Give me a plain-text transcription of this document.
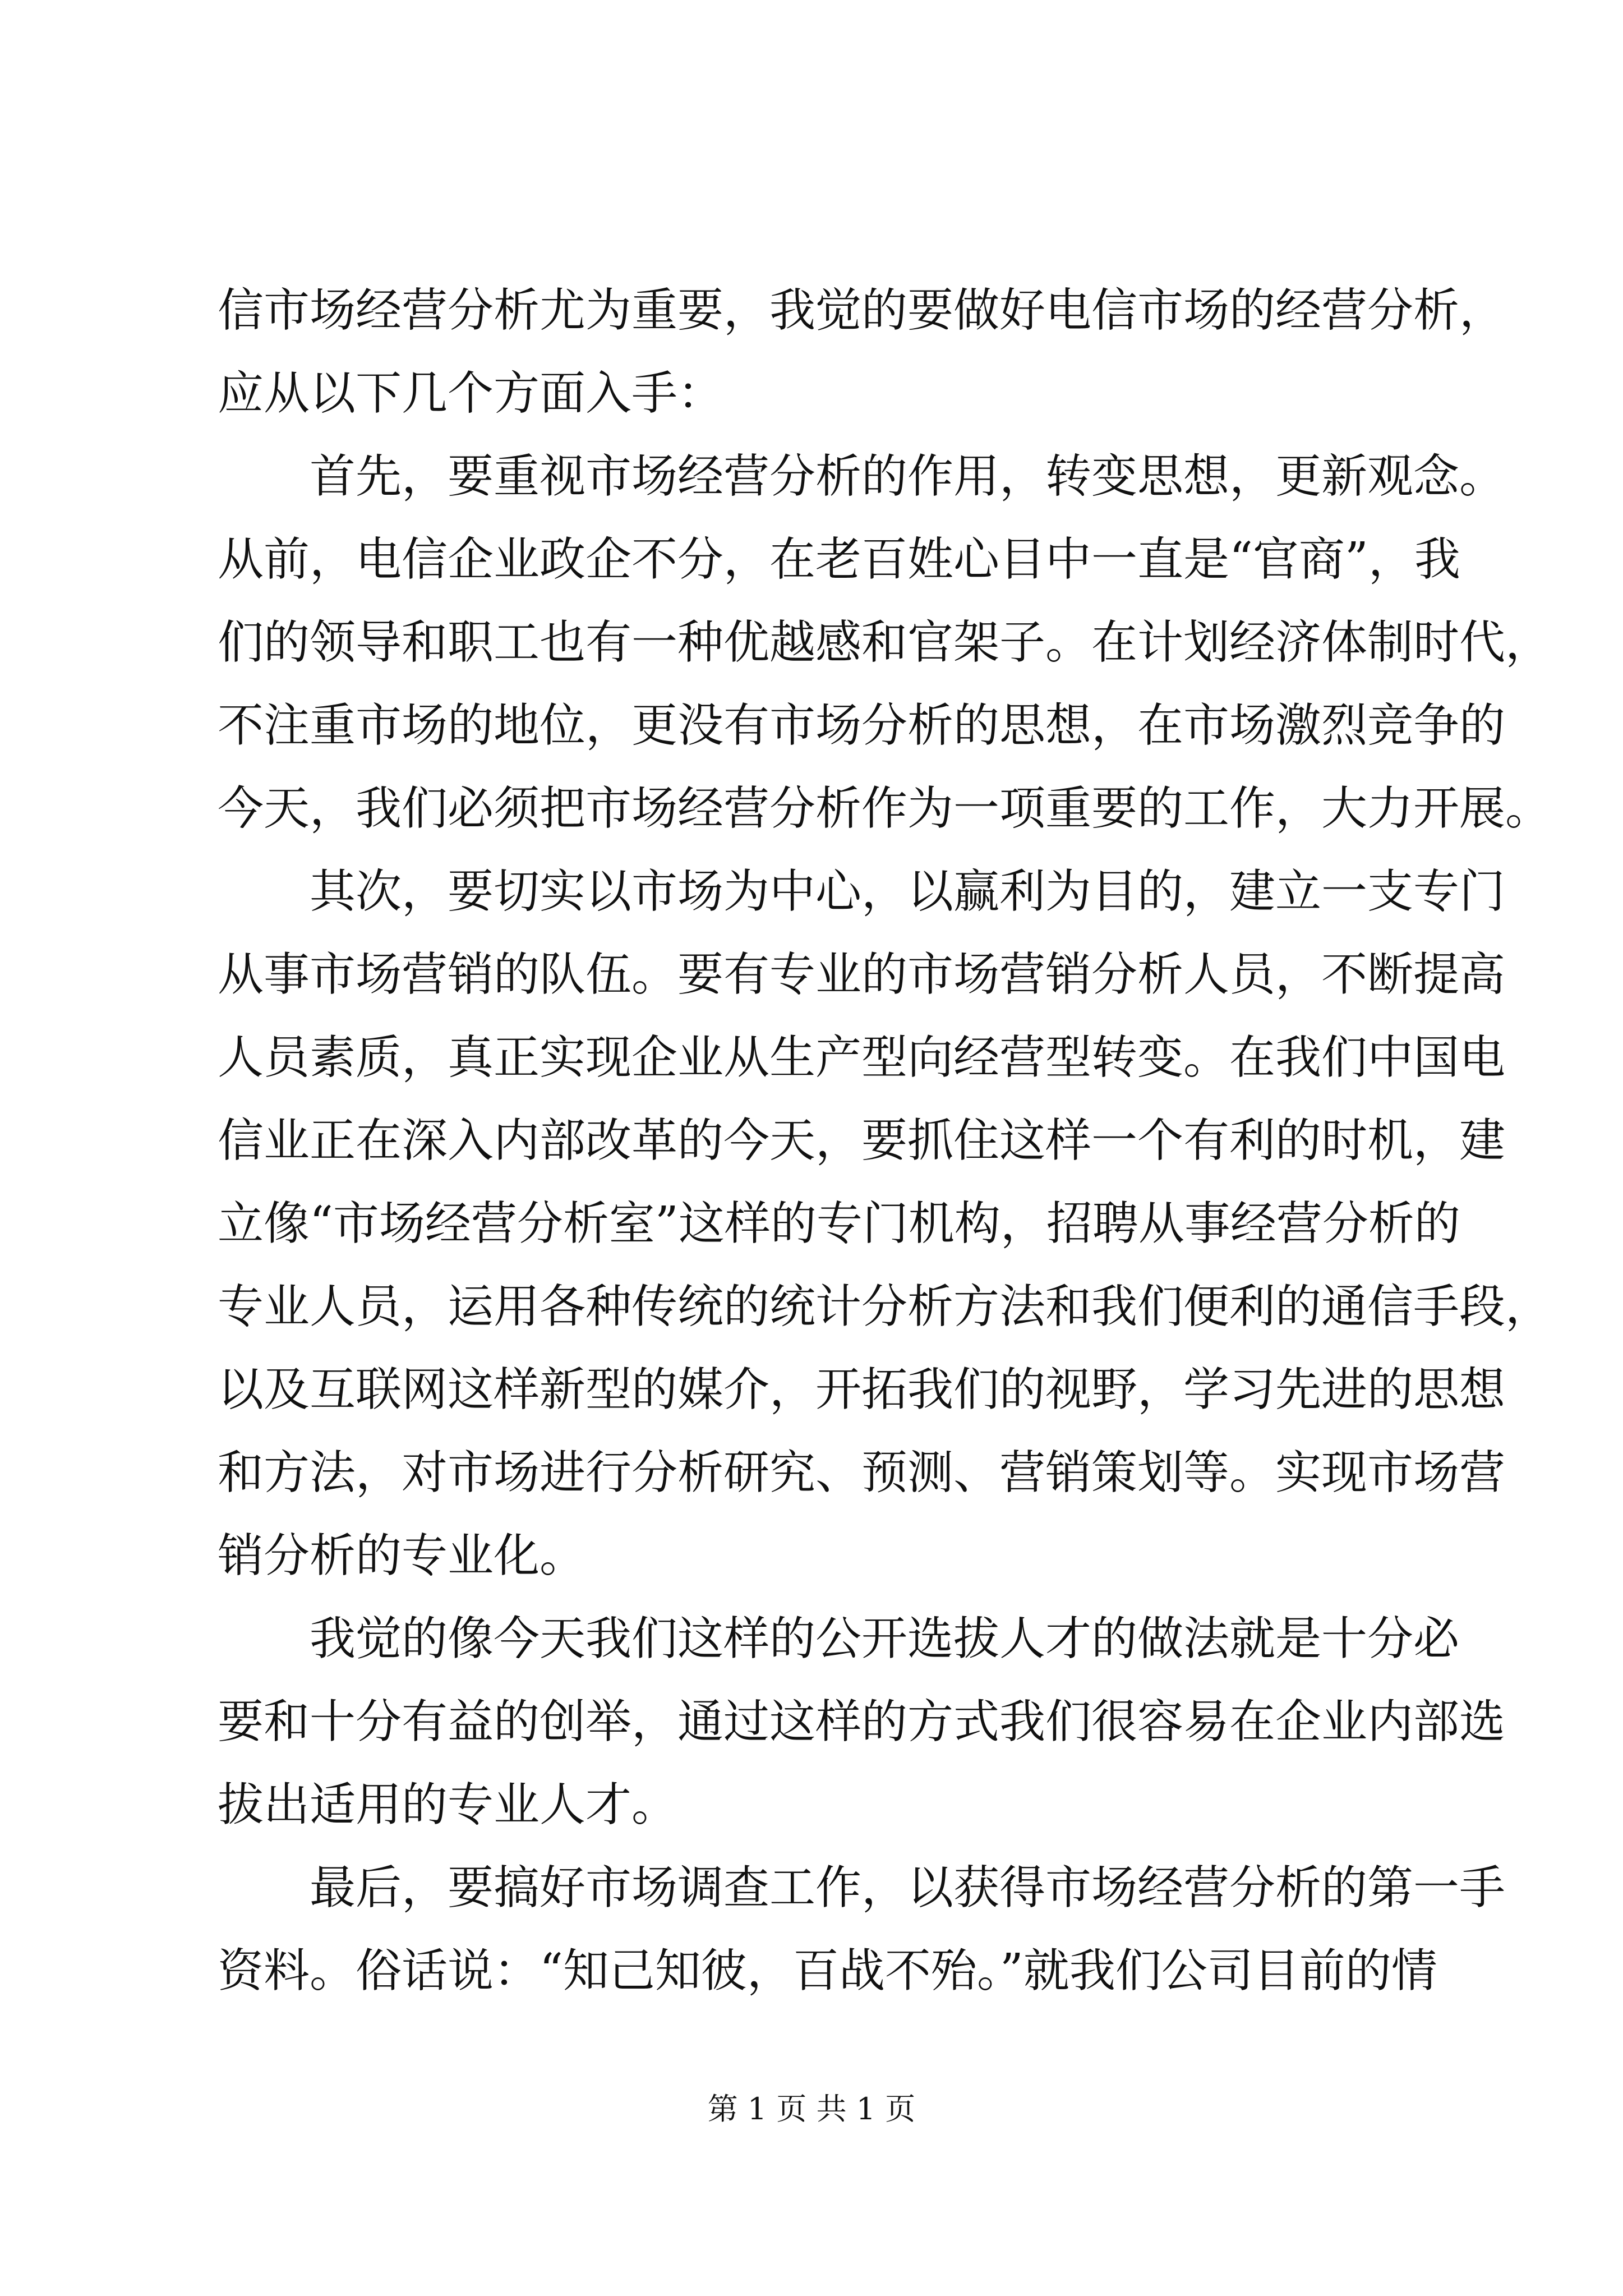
信市场经营分析尤为重要，我觉的要做好电信市场的经营分析，
应从以下几个方面入手：
首先，要重视市场经营分析的作用，转变思想，更新观念。
从前，电信企业政企不分，在老百姓心目中一直是“官商”，我
们的领导和职工也有一种优越感和官架子。在计划经济体制时代，
不注重市场的地位，更没有市场分析的思想，在市场激烈竞争的
今天，我们必须把市场经营分析作为一项重要的工作，大力开展。
其次，要切实以市场为中心，以赢利为目的，建立一支专门
从事市场营销的队伍。要有专业的市场营销分析人员，不断提高
人员素质，真正实现企业从生产型向经营型转变。在我们中国电
信业正在深入内部改革的今天，要抓住这样一个有利的时机，建
立像“市场经营分析室”这样的专门机构，招聘从事经营分析的
专业人员，运用各种传统的统计分析方法和我们便利的通信手段，
以及互联网这样新型的媒介，开拓我们的视野，学习先进的思想
和方法，对市场进行分析研究、预测、营销策划等。实现市场营
销分析的专业化。
我觉的像今天我们这样的公开选拔人才的做法就是十分必
要和十分有益的创举，通过这样的方式我们很容易在企业内部选
拔出适用的专业人才。
最后，要搞好市场调查工作，以获得市场经营分析的第一手
资料。俗话说：“知己知彼，百战不殆。”就我们公司目前的情
第 1 页 共 1 页
